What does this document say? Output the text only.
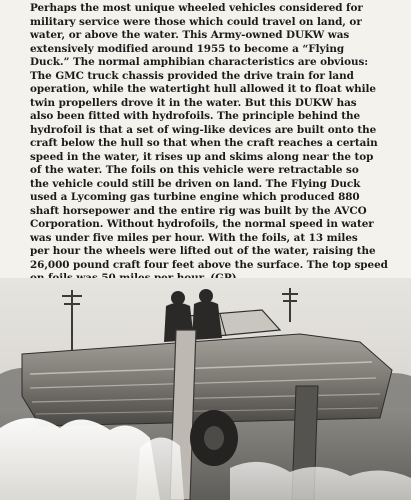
Perhaps the most unique wheeled vehicles considered for
military service were those which could travel on land, or
water, or above the water. This Army-owned DUKW was
extensively modified around 1955 to become a “Flying
Duck.” The normal amphibian characteristics are obvious:
The GMC truck chassis provided the drive train for land
operation, while the watertight hull allowed it to float while
twin propellers drove it in the water. But this DUKW has
also been fitted with hydrofoils. The principle behind the
hydrofoil is that a set of wing-like devices are built onto the
craft below the hull so that when the craft reaches a certain
speed in the water, it rises up and skims along near the top
of the water. The foils on this vehicle were retractable so
the vehicle could still be driven on land. The Flying Duck
used a Lycoming gas turbine engine which produced 880
shaft horsepower and the entire rig was built by the AVCO
Corporation. Without hydrofoils, the normal speed in water
was under five miles per hour. With the foils, at 13 miles
per hour the wheels were lifted out of the water, raising the
26,000 pound craft four feet above the surface. The top speed
